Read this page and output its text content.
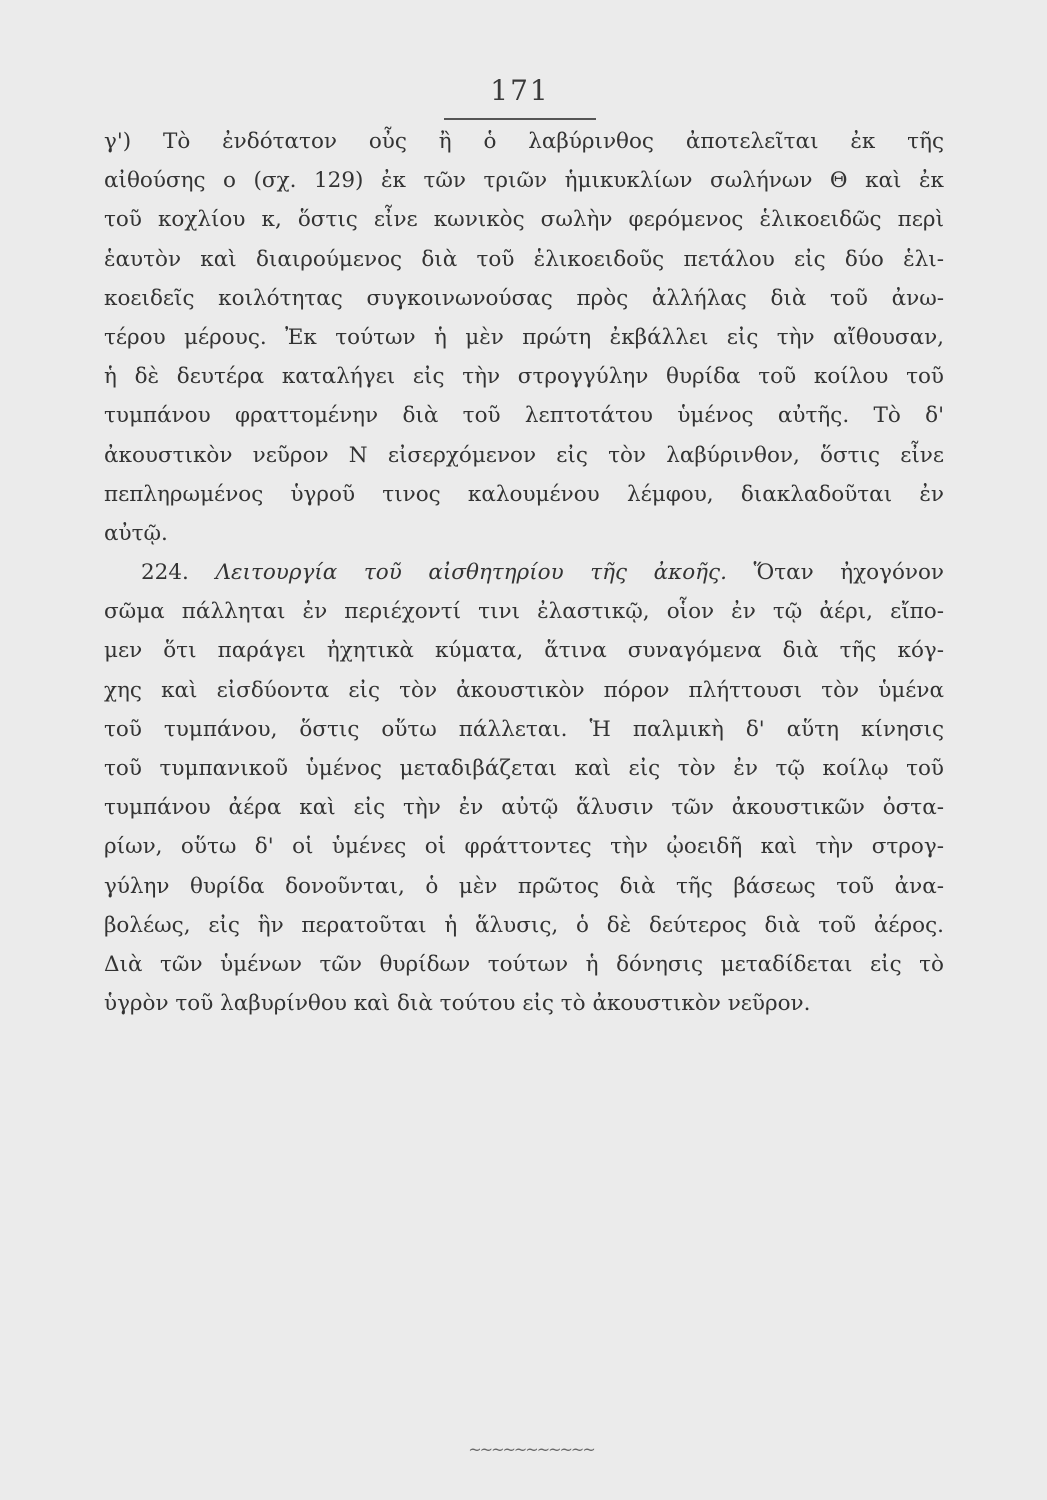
171
γ') Τὸ ἐνδότατον οὖς ἢ ὁ λαβύρινθος ἀποτελεῖται ἐκ τῆς
αἰθούσης ο (σχ. 129) ἐκ τῶν τριῶν ἡμικυκλίων σωλήνων Θ καὶ ἐκ
τοῦ κοχλίου κ, ὅστις εἶνε κωνικὸς σωλὴν φερόμενος ἑλικοειδῶς περὶ
ἑαυτὸν καὶ διαιρούμενος διὰ τοῦ ἑλικοειδοῦς πετάλου εἰς δύο ἑλι-
κοειδεῖς κοιλότητας συγκοινωνούσας πρὸς ἀλλήλας διὰ τοῦ ἀνω-
τέρου μέρους. Ἐκ τούτων ἡ μὲν πρώτη ἐκβάλλει εἰς τὴν αἴθουσαν,
ἡ δὲ δευτέρα καταλήγει εἰς τὴν στρογγύλην θυρίδα τοῦ κοίλου τοῦ
τυμπάνου φραττομένην διὰ τοῦ λεπτοτάτου ὑμένος αὐτῆς. Τὸ δ'
ἀκουστικὸν νεῦρον Ν εἰσερχόμενον εἰς τὸν λαβύρινθον, ὅστις εἶνε
πεπληρωμένος ὑγροῦ τινος καλουμένου λέμφου, διακλαδοῦται ἐν
αὐτῷ.
224. Λειτουργία τοῦ αἰσθητηρίου τῆς ἀκοῆς. Ὅταν ἠχογόνον
σῶμα πάλληται ἐν περιέχοντί τινι ἐλαστικῷ, οἷον ἐν τῷ ἀέρι, εἴπο-
μεν ὅτι παράγει ἠχητικὰ κύματα, ἅτινα συναγόμενα διὰ τῆς κόγ-
χης καὶ εἰσδύοντα εἰς τὸν ἀκουστικὸν πόρον πλήττουσι τὸν ὑμένα
τοῦ τυμπάνου, ὅστις οὕτω πάλλεται. Ἡ παλμικὴ δ' αὕτη κίνησις
τοῦ τυμπανικοῦ ὑμένος μεταδιβάζεται καὶ εἰς τὸν ἐν τῷ κοίλῳ τοῦ
τυμπάνου ἀέρα καὶ εἰς τὴν ἐν αὐτῷ ἅλυσιν τῶν ἀκουστικῶν ὀστα-
ρίων, οὕτω δ' οἱ ὑμένες οἱ φράττοντες τὴν ᾠοειδῆ καὶ τὴν στρογ-
γύλην θυρίδα δονοῦνται, ὁ μὲν πρῶτος διὰ τῆς βάσεως τοῦ ἀνα-
βολέως, εἰς ἣν περατοῦται ἡ ἅλυσις, ὁ δὲ δεύτερος διὰ τοῦ ἀέρος.
Διὰ τῶν ὑμένων τῶν θυρίδων τούτων ἡ δόνησις μεταδίδεται εἰς τὸ
ὑγρὸν τοῦ λαβυρίνθου καὶ διὰ τούτου εἰς τὸ ἀκουστικὸν νεῦρον.
~~~~~~~~~~~
